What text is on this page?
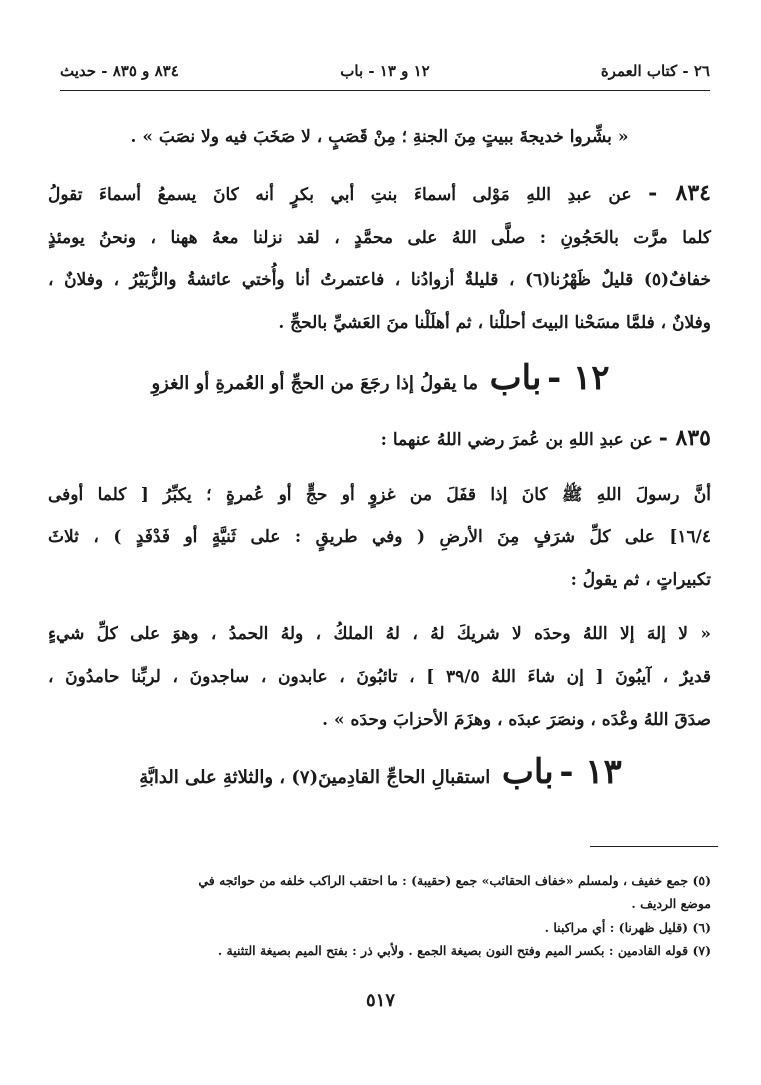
٢٦ - كتاب العمرة
١٢ و ١٣ - باب
٨٣٤ و ٨٣٥ - حديث
« بشِّروا خديجةَ ببيتٍ مِنَ الجنةِ ؛ مِنْ قَصَبٍ ، لا صَخَبَ فيه ولا نصَبَ » .
٨٣٤ - عن عبدِ اللهِ مَوْلى أسماءَ بنتِ أبي بكرٍ أنه كانَ يسمعُ أسماءَ تقولُ
كلما مرَّت بالحَجُونِ : صلَّى اللهُ على محمَّدٍ ، لقد نزلنا معهُ ههنا ، ونحنُ يومئذٍ
خفافٌ(٥) قليلٌ ظَهْرُنا(٦) ، قليلةٌ أزوادُنا ، فاعتمرتُ أنا وأُختي عائشةُ والزُّبَيْرُ ، وفلانٌ ،
وفلانٌ ، فلمَّا مسَحْنا البيتَ أحللْنا ، ثم أهلَلْنا منَ العَشيِّ بالحجِّ .
١٢ - باب ما يقولُ إذا رجَعَ من الحجِّ أو العُمرةِ أو الغزوِ
٨٣٥ - عن عبدِ اللهِ بن عُمرَ رضي اللهُ عنهما :
أنَّ رسولَ اللهِ ﷺ كانَ إذا قفَلَ من غزوٍ أو حجٍّ أو عُمرةٍ ؛ يكبِّرُ [ كلما أوفى
١٦/٤] على كلِّ شرَفٍ مِنَ الأرضِ ( وفي طريقٍ : على ثَنيَّةٍ أو فَدْفَدٍ ) ، ثلاثَ
تكبيراتٍ ، ثم يقولُ :
« لا إلهَ إلا اللهُ وحدَه لا شريكَ لهُ ، لهُ الملكُ ، ولهُ الحمدُ ، وهوَ على كلِّ شيءٍ
قديرٌ ، آيبُونَ [ إن شاءَ اللهُ ٣٩/٥ ] ، تائبُونَ ، عابدون ، ساجدونَ ، لربِّنا حامدُونَ ،
صدَقَ اللهُ وعْدَه ، ونصَرَ عبدَه ، وهزَمَ الأحزابَ وحدَه » .
١٣ - باب استقبالِ الحاجِّ القادِمينَ(٧) ، والثلاثةِ على الدابَّةِ
(٥) جمع خفيف ، ولمسلم «خفاف الحقائب» جمع (حقيبة) : ما احتقب الراكب خلفه من حوائجه في
موضع الرديف .
(٦) (قليل ظهرنا) : أي مراكبنا .
(٧) قوله القادمين : بكسر الميم وفتح النون بصيغة الجمع . ولأبي ذر : بفتح الميم بصيغة التثنية .
٥١٧
